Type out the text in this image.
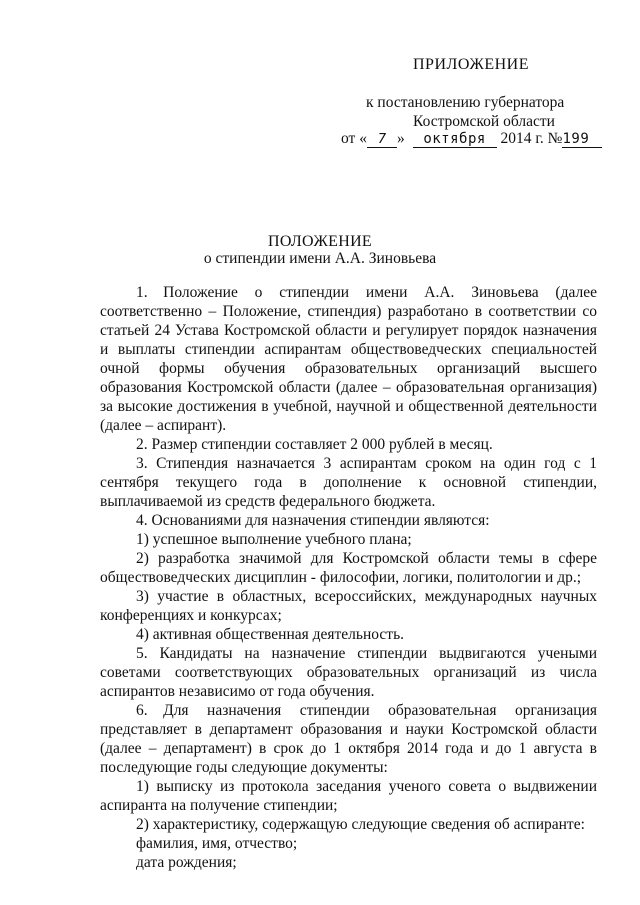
ПРИЛОЖЕНИЕ
к постановлению губернатора
Костромской области
от « 7 » октября 2014 г. №199
ПОЛОЖЕНИЕ
о стипендии имени А.А. Зиновьева

1. Положение о стипендии имени А.А. Зиновьева (далее соответственно – Положение, стипендия) разработано в соответствии со статьей 24 Устава Костромской области и регулирует порядок назначения и выплаты стипендии аспирантам обществоведческих специальностей очной формы обучения образовательных организаций высшего образования Костромской области (далее – образовательная организация) за высокие достижения в учебной, научной и общественной деятельности (далее – аспирант).

2. Размер стипендии составляет 2 000 рублей в месяц.

3. Стипендия назначается 3 аспирантам сроком на один год с 1 сентября текущего года в дополнение к основной стипендии, выплачиваемой из средств федерального бюджета.

4. Основаниями для назначения стипендии являются:

1) успешное выполнение учебного плана;

2) разработка значимой для Костромской области темы в сфере обществоведческих дисциплин - философии, логики, политологии и др.;

3) участие в областных, всероссийских, международных научных конференциях и конкурсах;

4) активная общественная деятельность.

5. Кандидаты на назначение стипендии выдвигаются учеными советами соответствующих образовательных организаций из числа аспирантов независимо от года обучения.

6. Для назначения стипендии образовательная организация представляет в департамент образования и науки Костромской области (далее – департамент) в срок до 1 октября 2014 года и до 1 августа в последующие годы следующие документы:

1) выписку из протокола заседания ученого совета о выдвижении аспиранта на получение стипендии;

2) характеристику, содержащую следующие сведения об аспиранте:

фамилия, имя, отчество;

дата рождения;
